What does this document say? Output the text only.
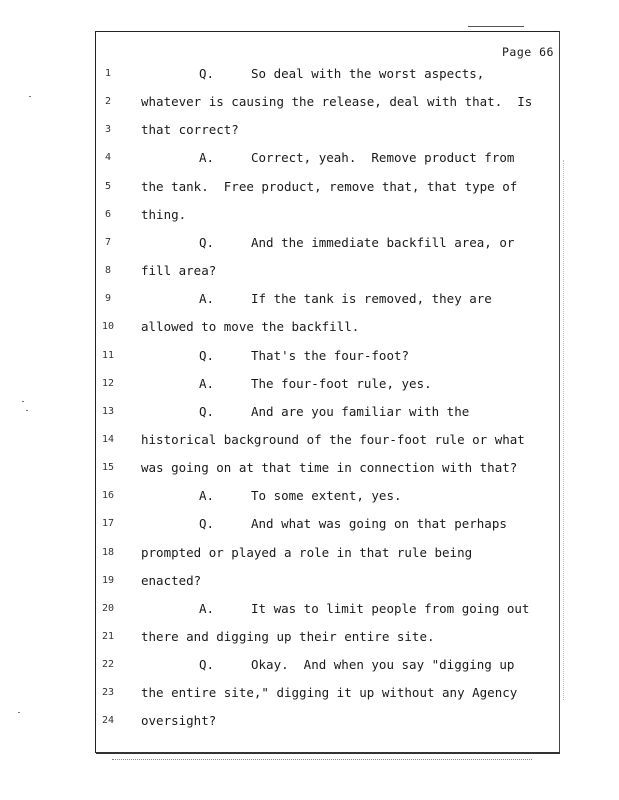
Page 66
1	Q.	So deal with the worst aspects,
2	whatever is causing the release, deal with that.  Is
3	that correct?
4	A.	Correct, yeah.  Remove product from
5	the tank.  Free product, remove that, that type of
6	thing.
7	Q.	And the immediate backfill area, or
8	fill area?
9	A.	If the tank is removed, they are
10	allowed to move the backfill.
11	Q.	That's the four-foot?
12	A.	The four-foot rule, yes.
13	Q.	And are you familiar with the
14	historical background of the four-foot rule or what
15	was going on at that time in connection with that?
16	A.	To some extent, yes.
17	Q.	And what was going on that perhaps
18	prompted or played a role in that rule being
19	enacted?
20	A.	It was to limit people from going out
21	there and digging up their entire site.
22	Q.	Okay.  And when you say "digging up
23	the entire site," digging it up without any Agency
24	oversight?
